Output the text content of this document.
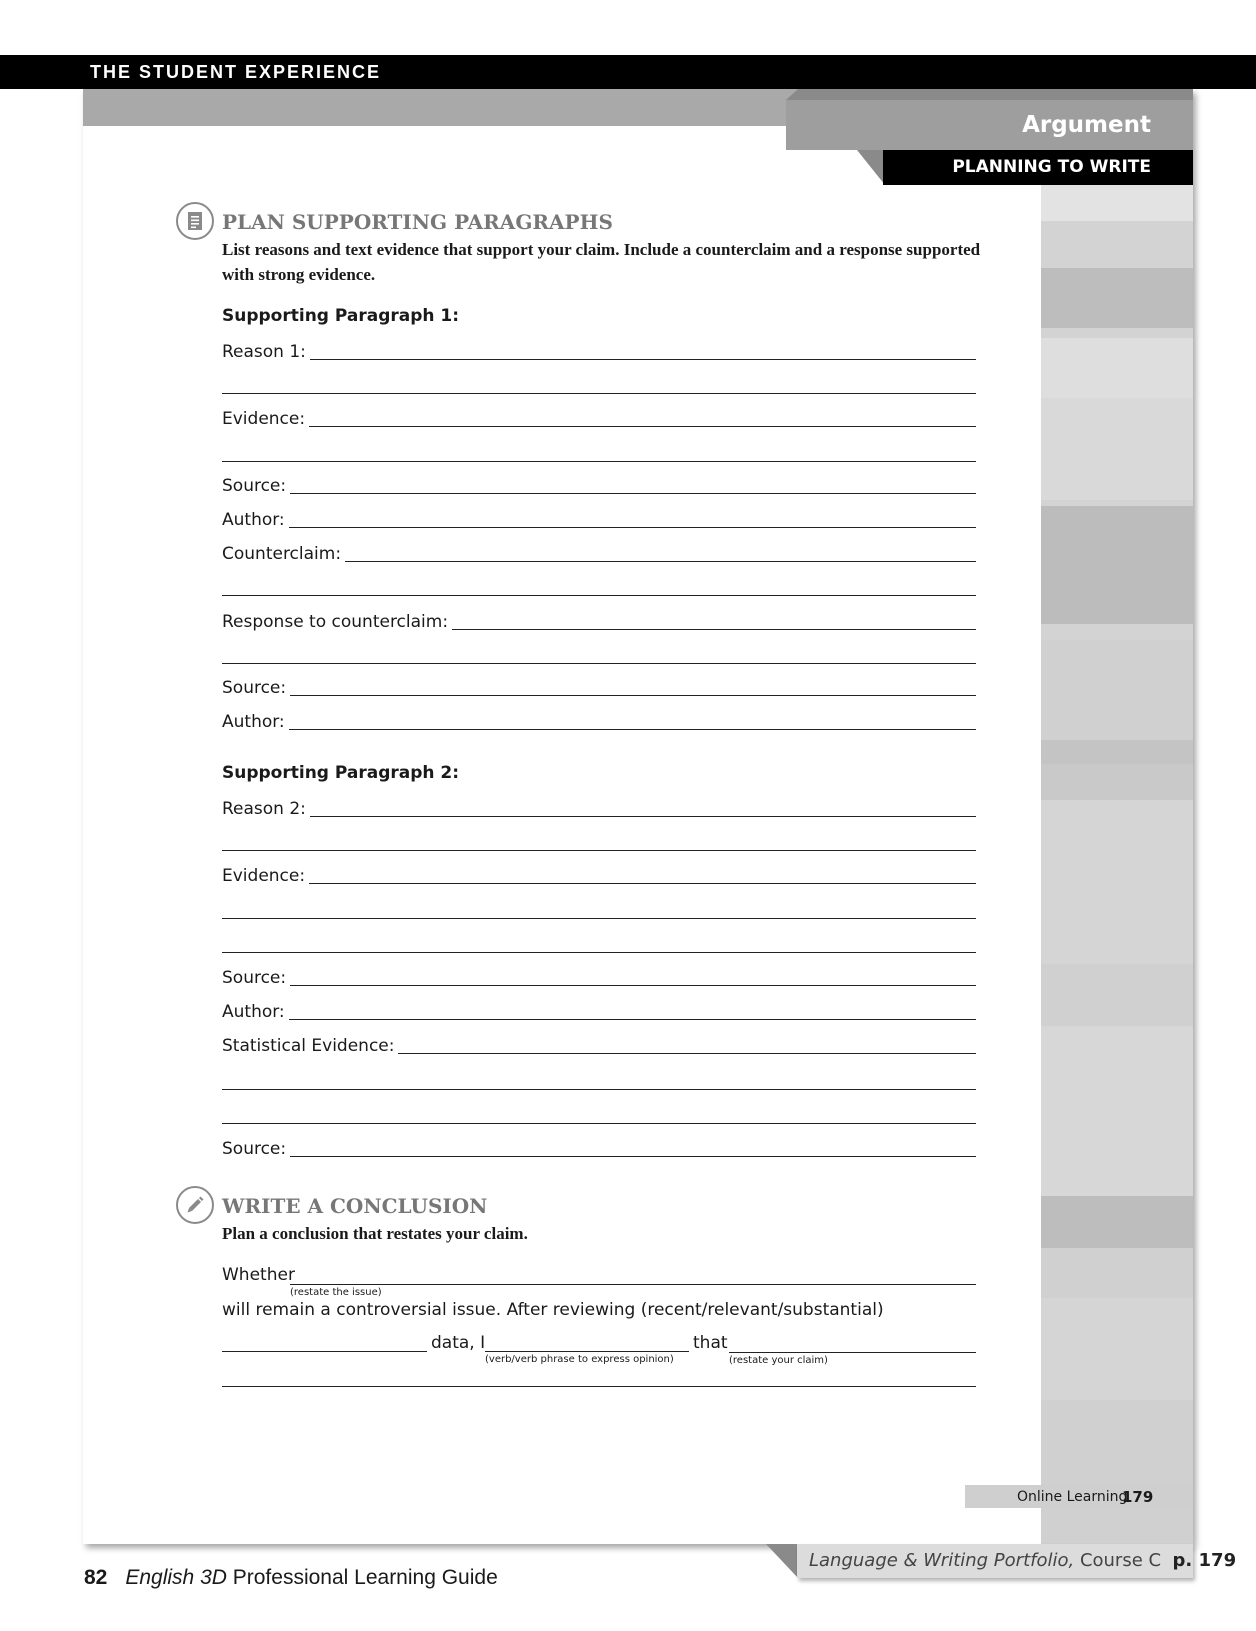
THE STUDENT EXPERIENCE
Argument
PLANNING TO WRITE
PLAN SUPPORTING PARAGRAPHS
List reasons and text evidence that support your claim. Include a counterclaim and a response supported with strong evidence.
Supporting Paragraph 1:
Reason 1:
Evidence:
Source:
Author:
Counterclaim:
Response to counterclaim:
Source:
Author:
Supporting Paragraph 2:
Reason 2:
Evidence:
Source:
Author:
Statistical Evidence:
Source:
WRITE A CONCLUSION
Plan a conclusion that restates your claim.
Whether
(restate the issue)
will remain a controversial issue. After reviewing (recent/relevant/substantial)
data, I
(verb/verb phrase to express opinion)
that
(restate your claim)
Online Learning
179
Language & Writing Portfolio, Course C p. 179
82 English 3D Professional Learning Guide
